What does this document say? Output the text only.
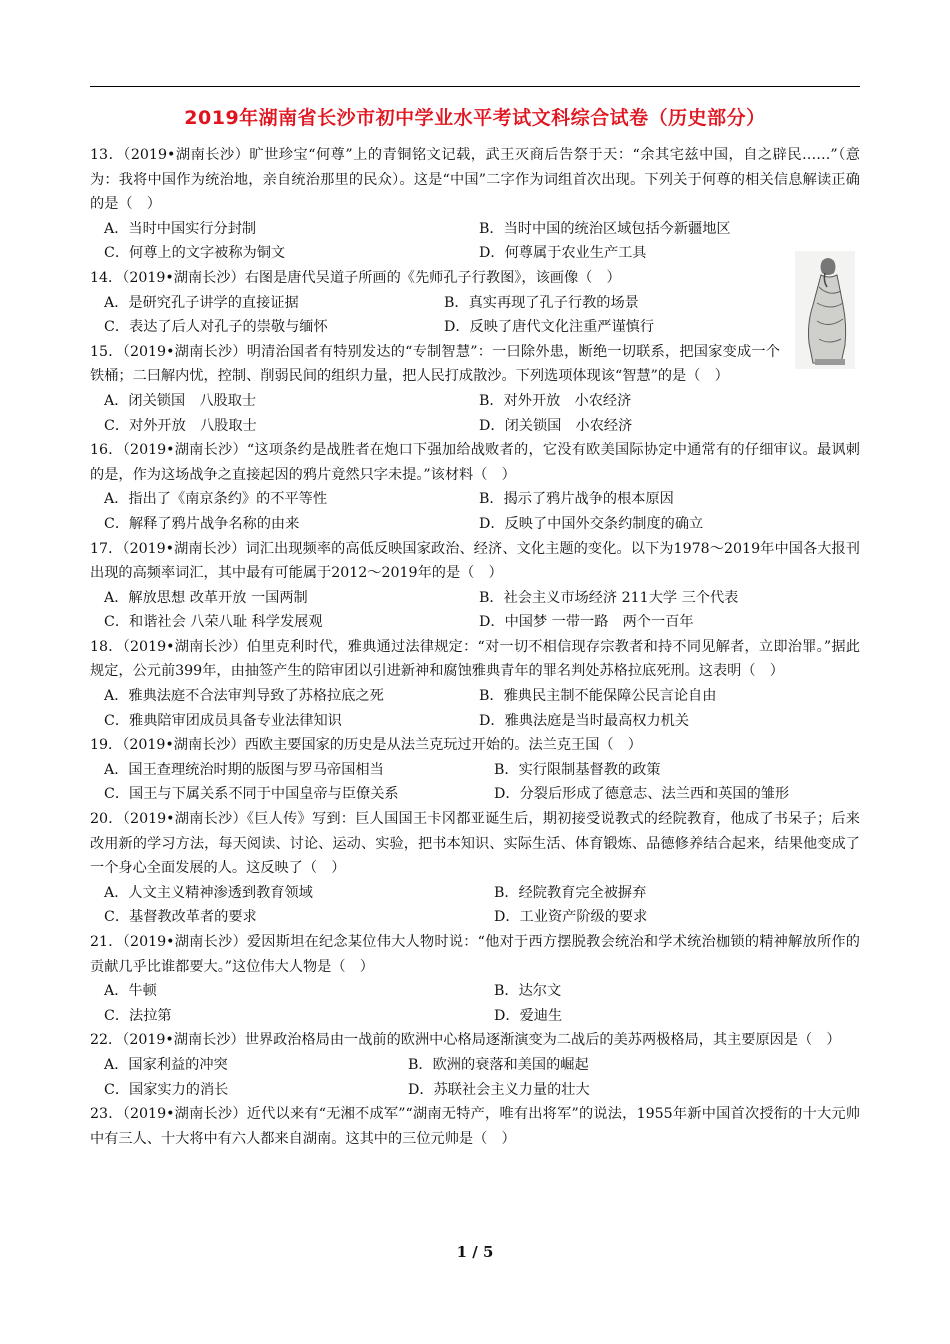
2019年湖南省长沙市初中学业水平考试文科综合试卷（历史部分）

13．（2019•湖南长沙）旷世珍宝“何尊”上的青铜铭文记载，武王灭商后告祭于天：“余其宅兹中国，自之辟民……”（意为：我将中国作为统治地，亲自统治那里的民众）。这是“中国”二字作为词组首次出现。下列关于何尊的相关信息解读正确的是（　）

A．当时中国实行分封制	B．当时中国的统治区域包括今新疆地区
C．何尊上的文字被称为铜文	D．何尊属于农业生产工具

14．（2019•湖南长沙）右图是唐代吴道子所画的《先师孔子行教图》，该画像（　）

A．是研究孔子讲学的直接证据	B．真实再现了孔子行教的场景
C．表达了后人对孔子的崇敬与缅怀	D．反映了唐代文化注重严谨慎行

15．（2019•湖南长沙）明清治国者有特别发达的“专制智慧”：一曰除外患，断绝一切联系，把国家变成一个铁桶；二曰解内忧，控制、削弱民间的组织力量，把人民打成散沙。下列选项体现该“智慧”的是（　）

A．闭关锁国　八股取士	B．对外开放　小农经济
C．对外开放　八股取士	D．闭关锁国　小农经济

16．（2019•湖南长沙）“这项条约是战胜者在炮口下强加给战败者的，它没有欧美国际协定中通常有的仔细审议。最讽刺的是，作为这场战争之直接起因的鸦片竟然只字未提。”该材料（　）

A．指出了《南京条约》的不平等性	B．揭示了鸦片战争的根本原因
C．解释了鸦片战争名称的由来	D．反映了中国外交条约制度的确立

17．（2019•湖南长沙）词汇出现频率的高低反映国家政治、经济、文化主题的变化。以下为1978～2019年中国各大报刊出现的高频率词汇，其中最有可能属于2012～2019年的是（　）

A．解放思想 改革开放 一国两制	B．社会主义市场经济 211大学 三个代表
C．和谐社会 八荣八耻 科学发展观	D．中国梦 一带一路　两个一百年

18．（2019•湖南长沙）伯里克利时代，雅典通过法律规定：“对一切不相信现存宗教者和持不同见解者，立即治罪。”据此规定，公元前399年，由抽签产生的陪审团以引进新神和腐蚀雅典青年的罪名判处苏格拉底死刑。这表明（　）

A．雅典法庭不合法审判导致了苏格拉底之死	B．雅典民主制不能保障公民言论自由
C．雅典陪审团成员具备专业法律知识	D．雅典法庭是当时最高权力机关

19．（2019•湖南长沙）西欧主要国家的历史是从法兰克玩过开始的。法兰克王国（　）

A．国王查理统治时期的版图与罗马帝国相当	B．实行限制基督教的政策
C．国王与下属关系不同于中国皇帝与臣僚关系	D．分裂后形成了德意志、法兰西和英国的雏形

20．（2019•湖南长沙）《巨人传》写到：巨人国国王卡冈都亚诞生后，期初接受说教式的经院教育，他成了书呆子；后来改用新的学习方法，每天阅读、讨论、运动、实验，把书本知识、实际生活、体育锻炼、品德修养结合起来，结果他变成了一个身心全面发展的人。这反映了（　）

A．人文主义精神渗透到教育领域	B．经院教育完全被摒弃
C．基督教改革者的要求	D．工业资产阶级的要求

21．（2019•湖南长沙）爱因斯坦在纪念某位伟大人物时说：“他对于西方摆脱教会统治和学术统治枷锁的精神解放所作的贡献几乎比谁都要大。”这位伟大人物是（　）

A．牛顿	B．达尔文
C．法拉第	D．爱迪生

22．（2019•湖南长沙）世界政治格局由一战前的欧洲中心格局逐渐演变为二战后的美苏两极格局，其主要原因是（　）

A．国家利益的冲突	B．欧洲的衰落和美国的崛起
C．国家实力的消长	D．苏联社会主义力量的壮大

23．（2019•湖南长沙）近代以来有“无湘不成军”“湖南无特产，唯有出将军”的说法，1955年新中国首次授衔的十大元帅中有三人、十大将中有六人都来自湖南。这其中的三位元帅是（　）

1 / 5
